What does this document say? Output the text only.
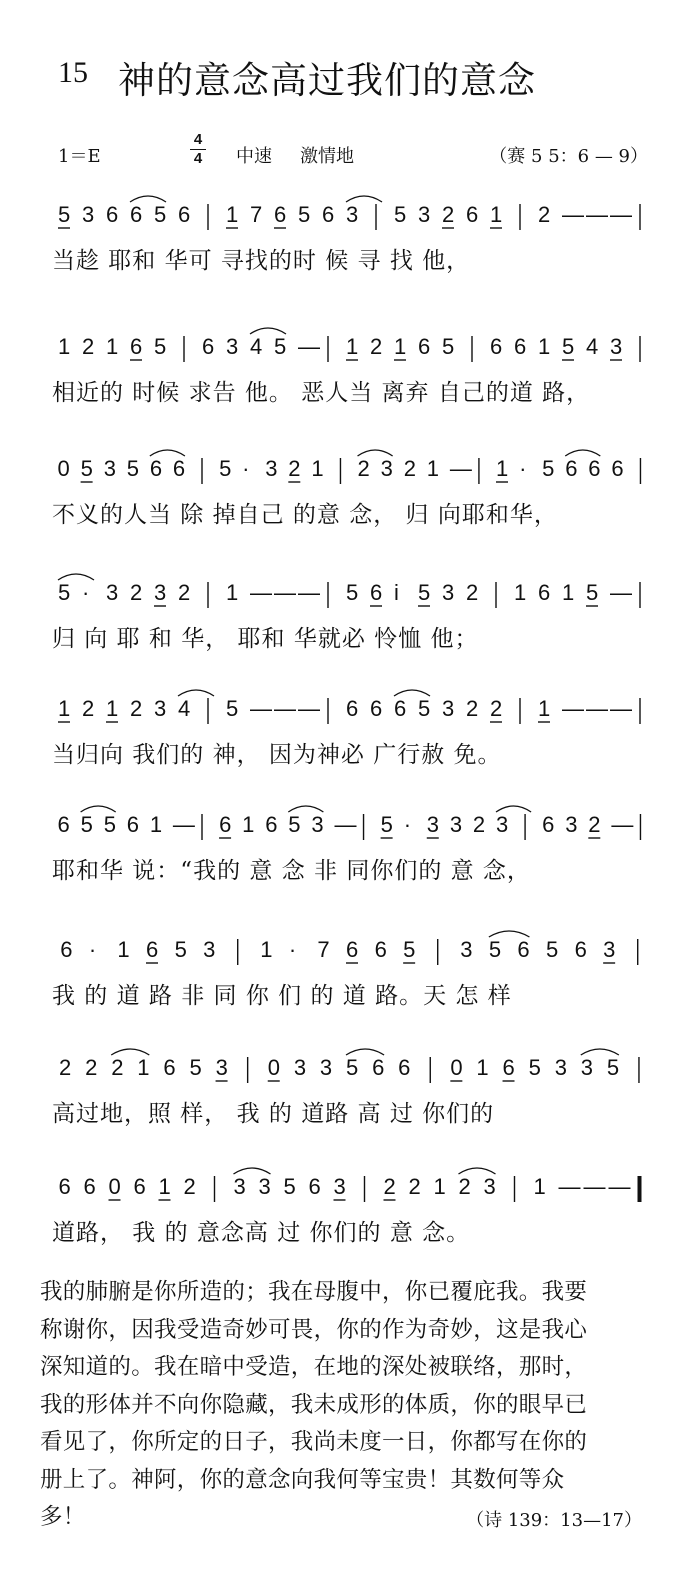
15 神的意念高过我们的意念
1＝E
4
4 中速 激情地	（赛 5 5：6 — 9）
5 3 6 6 5 6 1 7 6 5 6 3 5 3 2 6 1 2 — — —
当趁 耶和 华可 寻找的时 候 寻 找 他，
1 2 1 6 5 6 3 4 5 — 1 2 1 6 5 6 6 1 5 4 3
相近的 时候 求告 他。 恶人当 离弃 自己的道 路，
0 5 3 5 6 6 5 · 3 2 1 2 3 2 1 — 1 · 5 6 6 6
不义的人当 除 掉自己 的意 念， 归 向耶和华，
5 · 3 2 3 2 1 — — — 5 6 i 5 3 2 1 6 1 5 —
归 向 耶 和 华， 耶和 华就必 怜恤 他；
1 2 1 2 3 4 5 — — — 6 6 6 5 3 2 2 1 — — —
当归向 我们的 神， 因为神必 广行赦 免。
6 5 5 6 1 — 6 1 6 5 3 — 5 · 3 3 2 3 6 3 2 —
耶和华 说：“我的 意 念 非 同你们的 意 念，
6 · 1 6 5 3 1 · 7 6 6 5 3 5 6 5 6 3
我 的 道 路 非 同 你 们 的 道 路。天 怎 样
2 2 2 1 6 5 3 0 3 3 5 6 6 0 1 6 5 3 3 5
高过地，照 样， 我 的 道路 高 过 你们的
6 6 0 6 1 2 3 3 5 6 3 2 2 1 2 3 1 — — —
道路， 我 的 意念高 过 你们的 意 念。
我的肺腑是你所造的；我在母腹中，你已覆庇我。我要
称谢你，因我受造奇妙可畏，你的作为奇妙，这是我心
深知道的。我在暗中受造，在地的深处被联络，那时，
我的形体并不向你隐藏，我未成形的体质，你的眼早已
看见了，你所定的日子，我尚未度一日，你都写在你的
册上了。神阿，你的意念向我何等宝贵！其数何等众
多！	（诗 139：13—17）
